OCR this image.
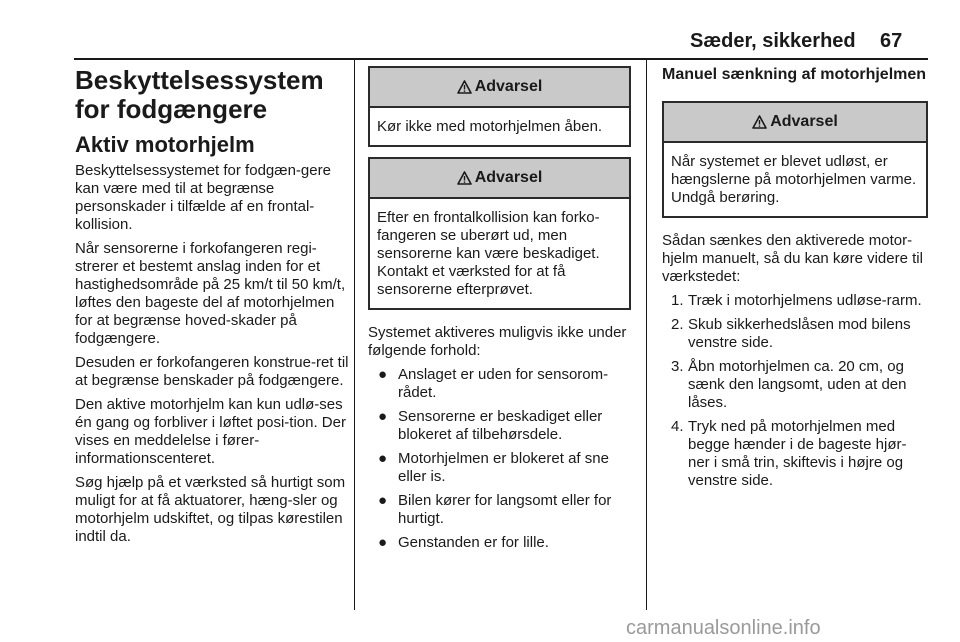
Sæder, sikkerhed 67
Beskyttelsessystem for fodgængere
Aktiv motorhjelm

Beskyttelsessystemet for fodgæn-gere kan være med til at begrænse personskader i tilfælde af en frontal-kollision.

Når sensorerne i forkofangeren regi-strerer et bestemt anslag inden for et hastighedsområde på 25 km/t til 50 km/t, løftes den bageste del af motorhjelmen for at begrænse hoved-skader på fodgængere.

Desuden er forkofangeren konstrue-ret til at begrænse benskader på fodgængere.

Den aktive motorhjelm kan kun udlø-ses én gang og forbliver i løftet posi-tion. Der vises en meddelelse i fører-informationscenteret.

Søg hjælp på et værksted så hurtigt som muligt for at få aktuatorer, hæng-sler og motorhjelm udskiftet, og tilpas kørestilen indtil da.

Advarsel
Kør ikke med motorhjelmen åben.
Advarsel
Efter en frontalkollision kan forko-fangeren se uberørt ud, men sensorerne kan være beskadiget. Kontakt et værksted for at få sensorerne efterprøvet.

Systemet aktiveres muligvis ikke under følgende forhold:

● Anslaget er uden for sensorom-rådet.
● Sensorerne er beskadiget eller blokeret af tilbehørsdele.
● Motorhjelmen er blokeret af sne eller is.
● Bilen kører for langsomt eller for hurtigt.
● Genstanden er for lille.
Manuel sænkning af motorhjelmen
Advarsel
Når systemet er blevet udløst, er hængslerne på motorhjelmen varme. Undgå berøring.

Sådan sænkes den aktiverede motor-hjelm manuelt, så du kan køre videre til værkstedet:

1. Træk i motorhjelmens udløse-rarm.
2. Skub sikkerhedslåsen mod bilens venstre side.
3. Åbn motorhjelmen ca. 20 cm, og sænk den langsomt, uden at den låses.
4. Tryk ned på motorhjelmen med begge hænder i de bageste hjør-ner i små trin, skiftevis i højre og venstre side.
carmanualsonline.info
